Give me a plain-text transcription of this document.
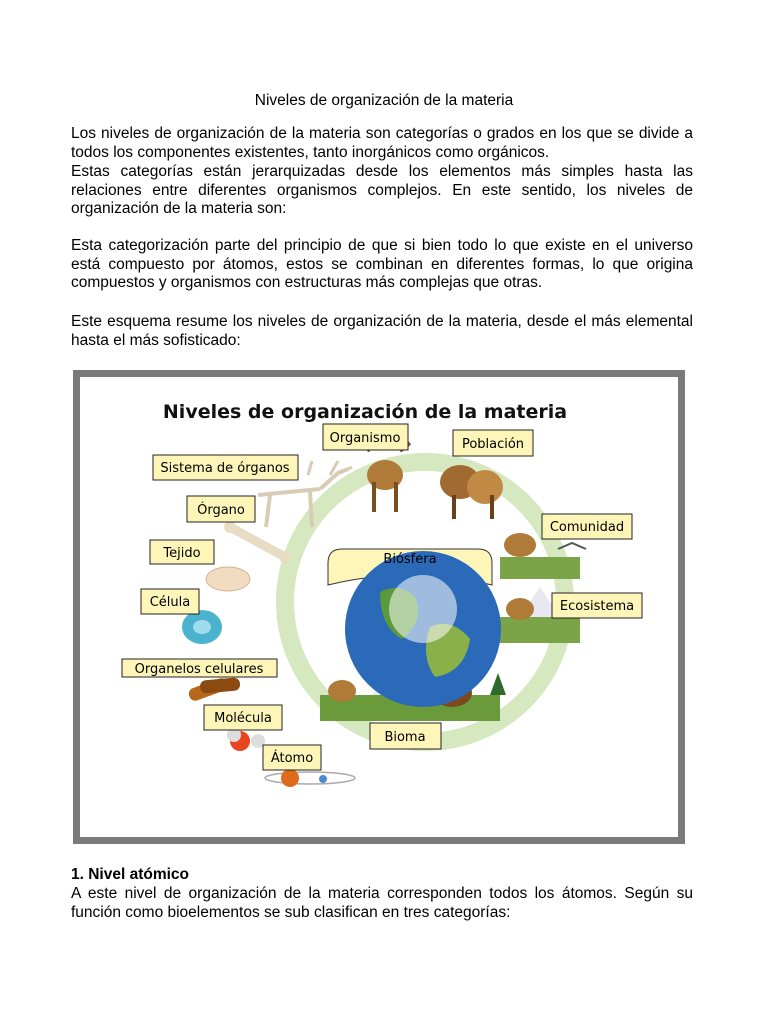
Niveles de organización de la materia

Los niveles de organización de la materia son categorías o grados en los que se divide a todos los componentes existentes, tanto inorgánicos como orgánicos.

Estas categorías están jerarquizadas desde los elementos más simples hasta las relaciones entre diferentes organismos complejos. En este sentido, los niveles de organización de la materia son:

Esta categorización parte del principio de que si bien todo lo que existe en el universo está compuesto por átomos, estos se combinan en diferentes formas, lo que origina compuestos y organismos con estructuras más complejas que otras.

Este esquema resume los niveles de organización de la materia, desde el más elemental hasta el más sofisticado:

Niveles de organización de la materia
Organismo	Población
Sistema de órganos
Órgano
Comunidad
Tejido	Biósfera
Célula	Ecosistema
Organelos celulares
Molécula
Átomo
Bioma
1. Nivel atómico

A este nivel de organización de la materia corresponden todos los átomos. Según su función como bioelementos se sub clasifican en tres categorías:
